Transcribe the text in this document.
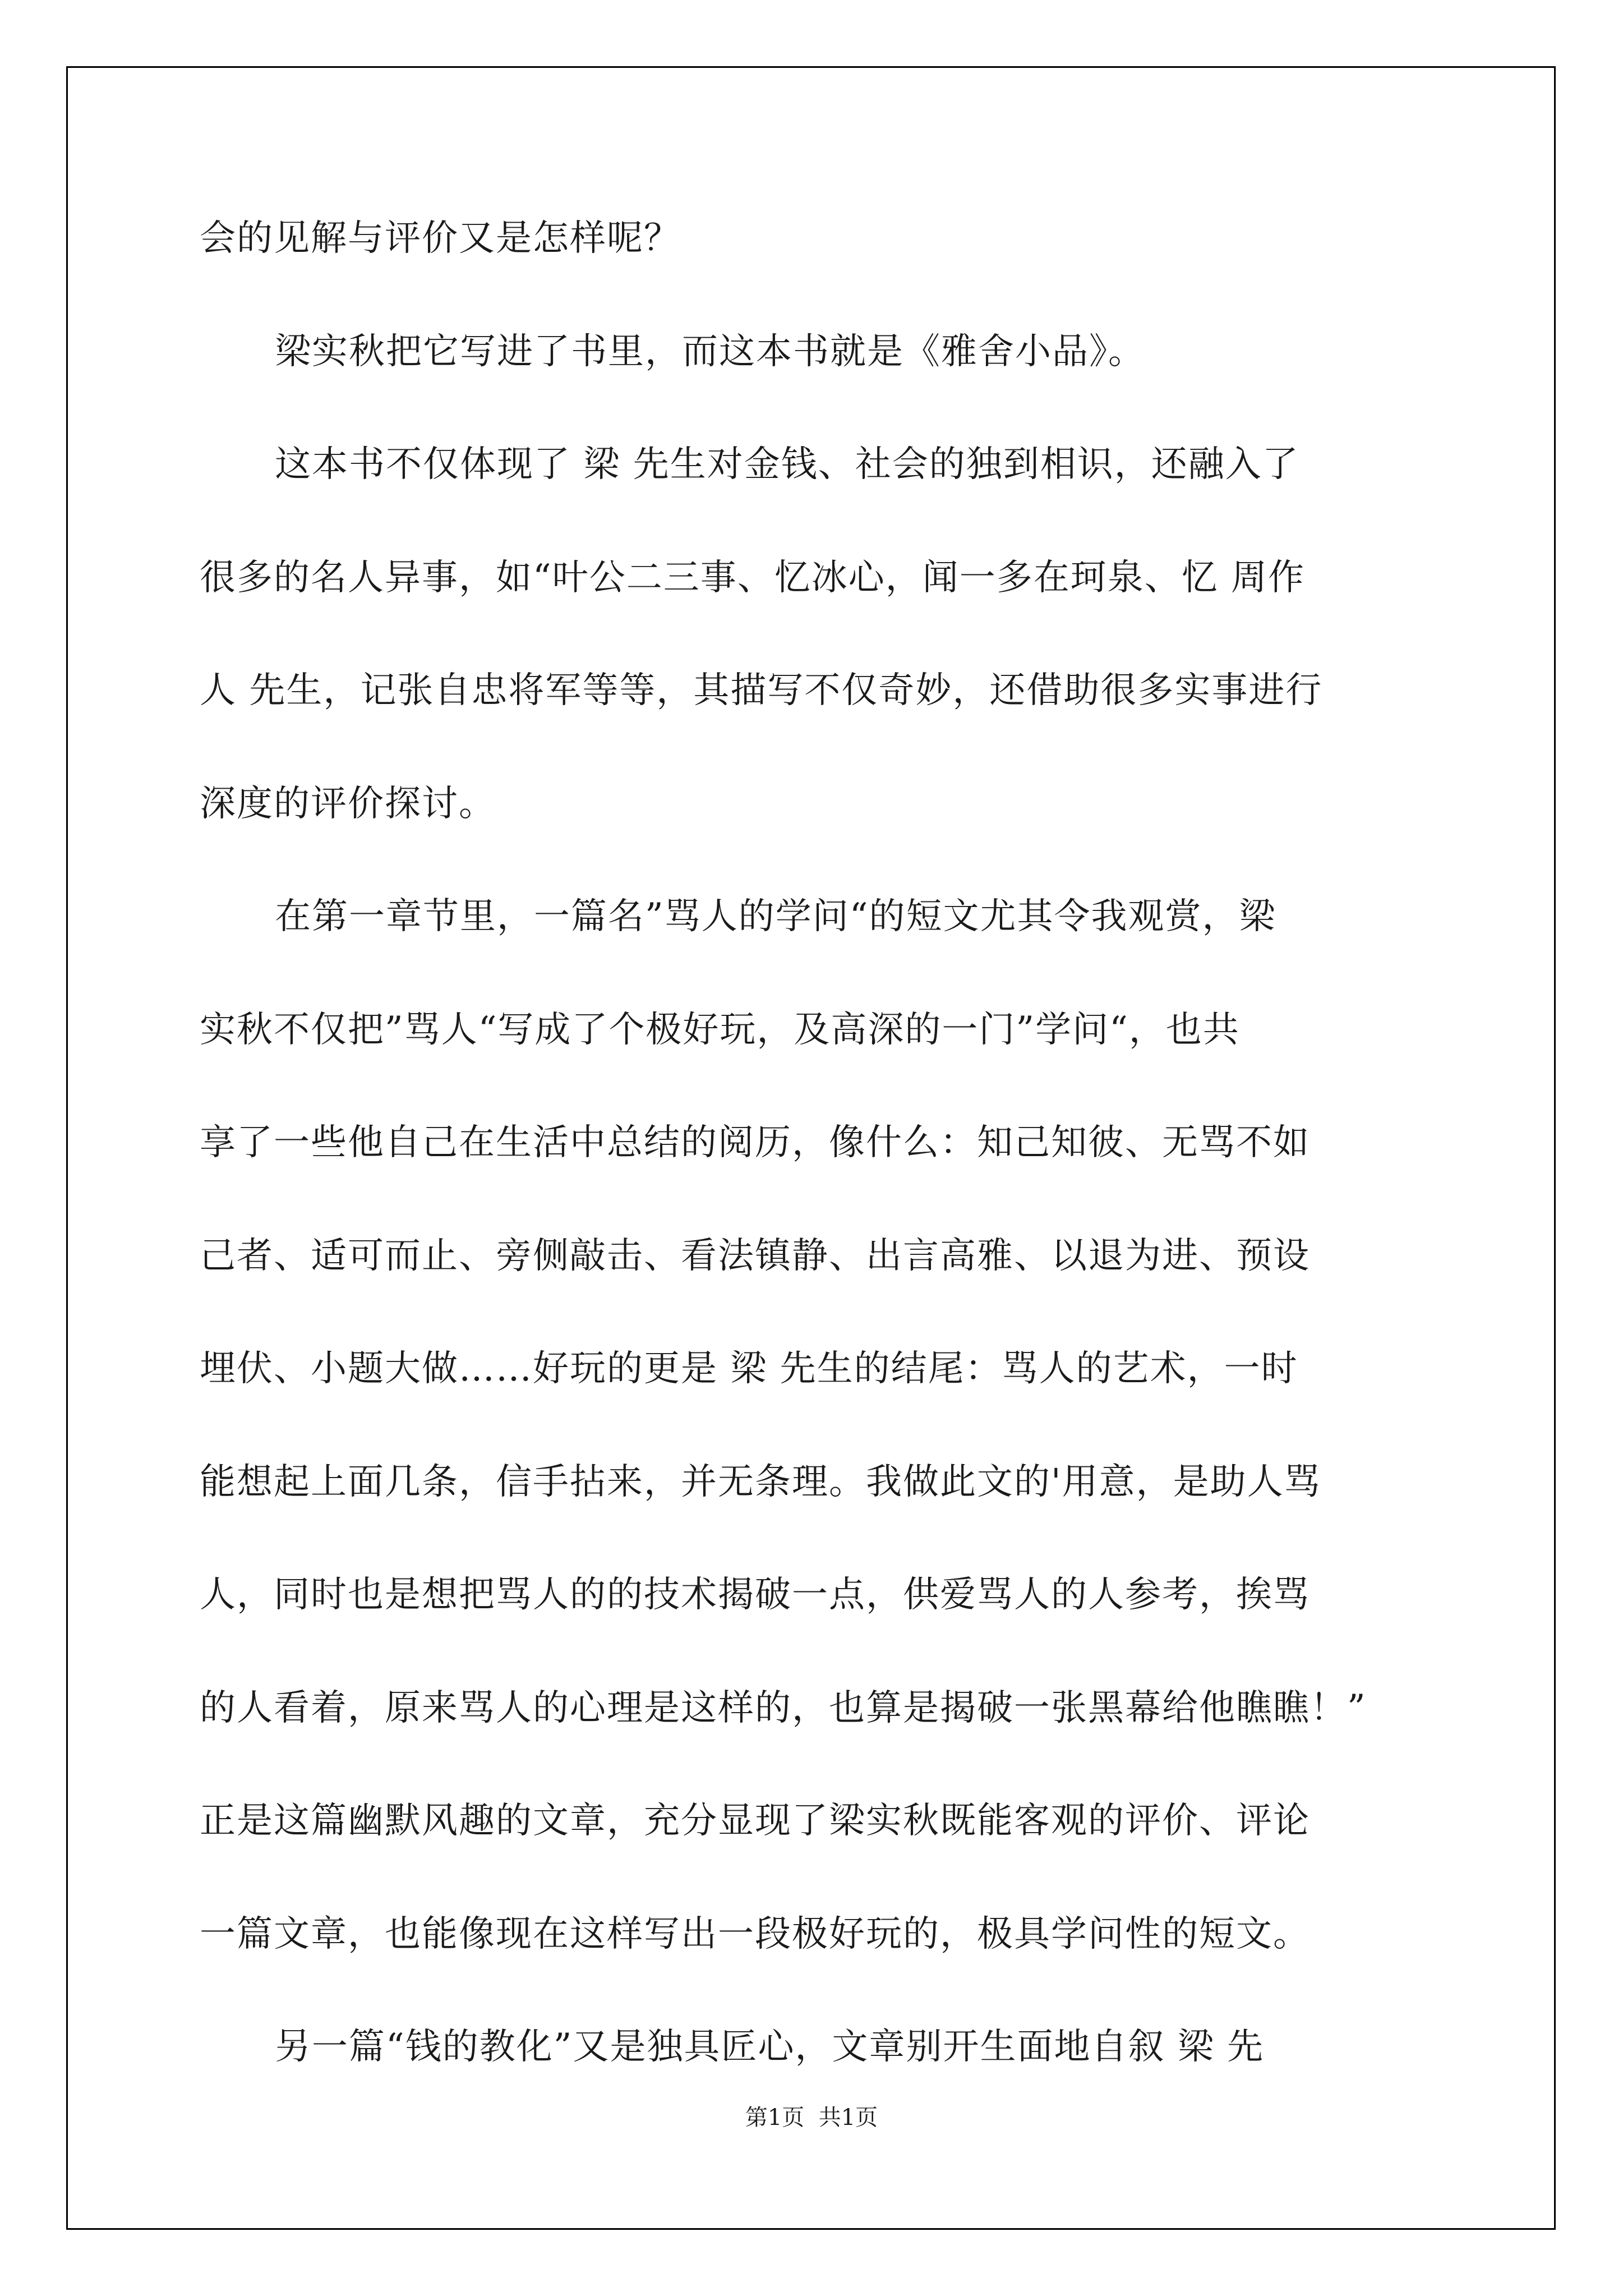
会的见解与评价又是怎样呢？
梁实秋把它写进了书里，而这本书就是《雅舍小品》。
这本书不仅体现了 梁 先生对金钱、社会的独到相识，还融入了
很多的名人异事，如“叶公二三事、忆冰心，闻一多在珂泉、忆 周作
人 先生，记张自忠将军等等，其描写不仅奇妙，还借助很多实事进行
深度的评价探讨。
在第一章节里，一篇名”骂人的学问“的短文尤其令我观赏，梁
实秋不仅把”骂人“写成了个极好玩，及高深的一门”学问“，也共
享了一些他自己在生活中总结的阅历，像什么：知己知彼、无骂不如
己者、适可而止、旁侧敲击、看法镇静、出言高雅、以退为进、预设
埋伏、小题大做……好玩的更是 梁 先生的结尾：骂人的艺术，一时
能想起上面几条，信手拈来，并无条理。我做此文的'用意，是助人骂
人，同时也是想把骂人的的技术揭破一点，供爱骂人的人参考，挨骂
的人看着，原来骂人的心理是这样的，也算是揭破一张黑幕给他瞧瞧！”
正是这篇幽默风趣的文章，充分显现了梁实秋既能客观的评价、评论
一篇文章，也能像现在这样写出一段极好玩的，极具学问性的短文。
另一篇“钱的教化”又是独具匠心，文章别开生面地自叙 梁 先
第1页  共1页
